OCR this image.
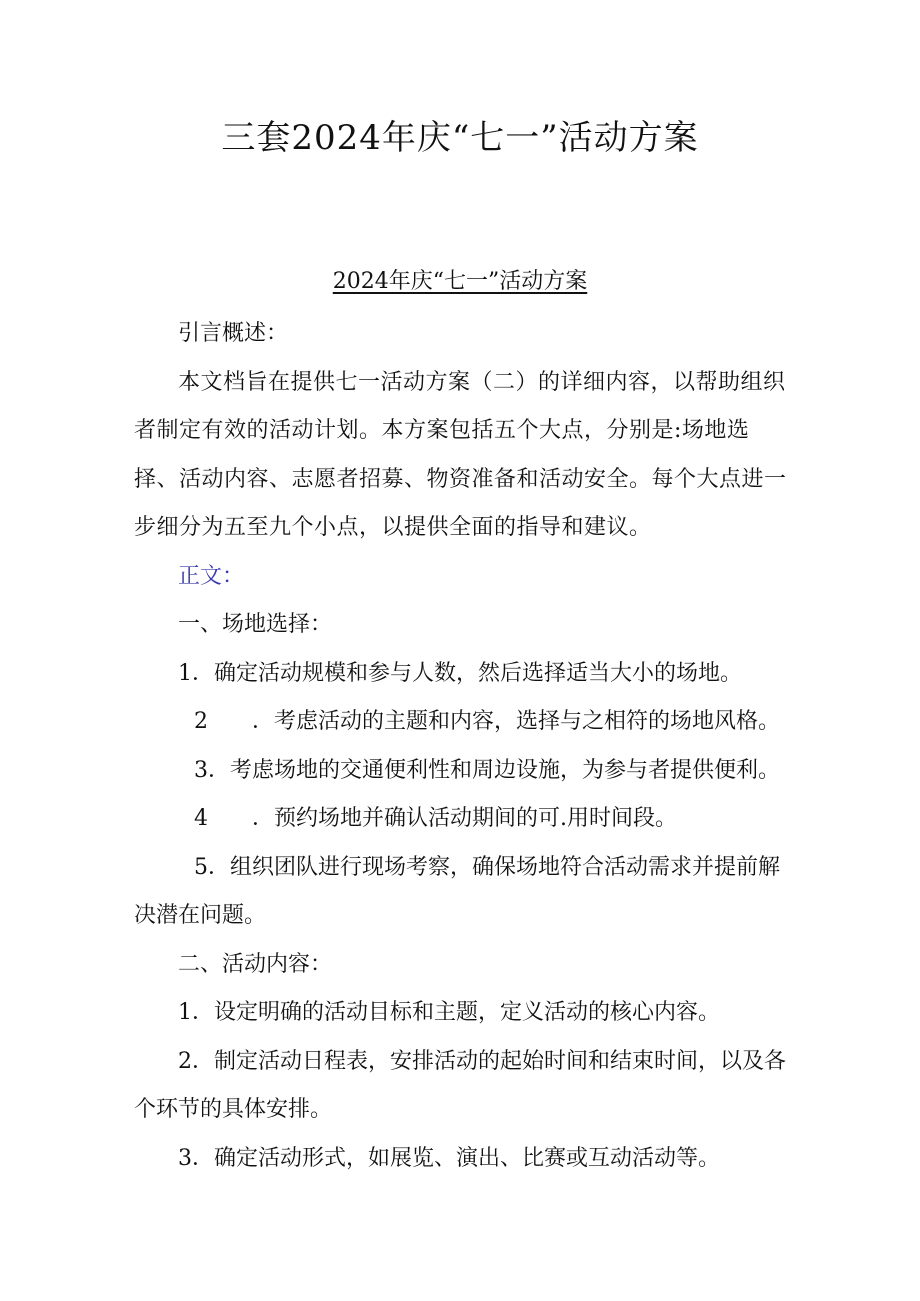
三套2024年庆“七一”活动方案
2024年庆“七一”活动方案

引言概述：

本文档旨在提供七一活动方案（二）的详细内容，以帮助组织者制定有效的活动计划。本方案包括五个大点，分别是:场地选择、活动内容、志愿者招募、物资准备和活动安全。每个大点进一步细分为五至九个小点，以提供全面的指导和建议。

正文：

一、场地选择：

1．确定活动规模和参与人数，然后选择适当大小的场地。

2　　．考虑活动的主题和内容，选择与之相符的场地风格。

3．考虑场地的交通便利性和周边设施，为参与者提供便利。

4　　．预约场地并确认活动期间的可.用时间段。

5．组织团队进行现场考察，确保场地符合活动需求并提前解决潜在问题。

二、活动内容：

1．设定明确的活动目标和主题，定义活动的核心内容。

2．制定活动日程表，安排活动的起始时间和结束时间，以及各个环节的具体安排。

3．确定活动形式，如展览、演出、比赛或互动活动等。
